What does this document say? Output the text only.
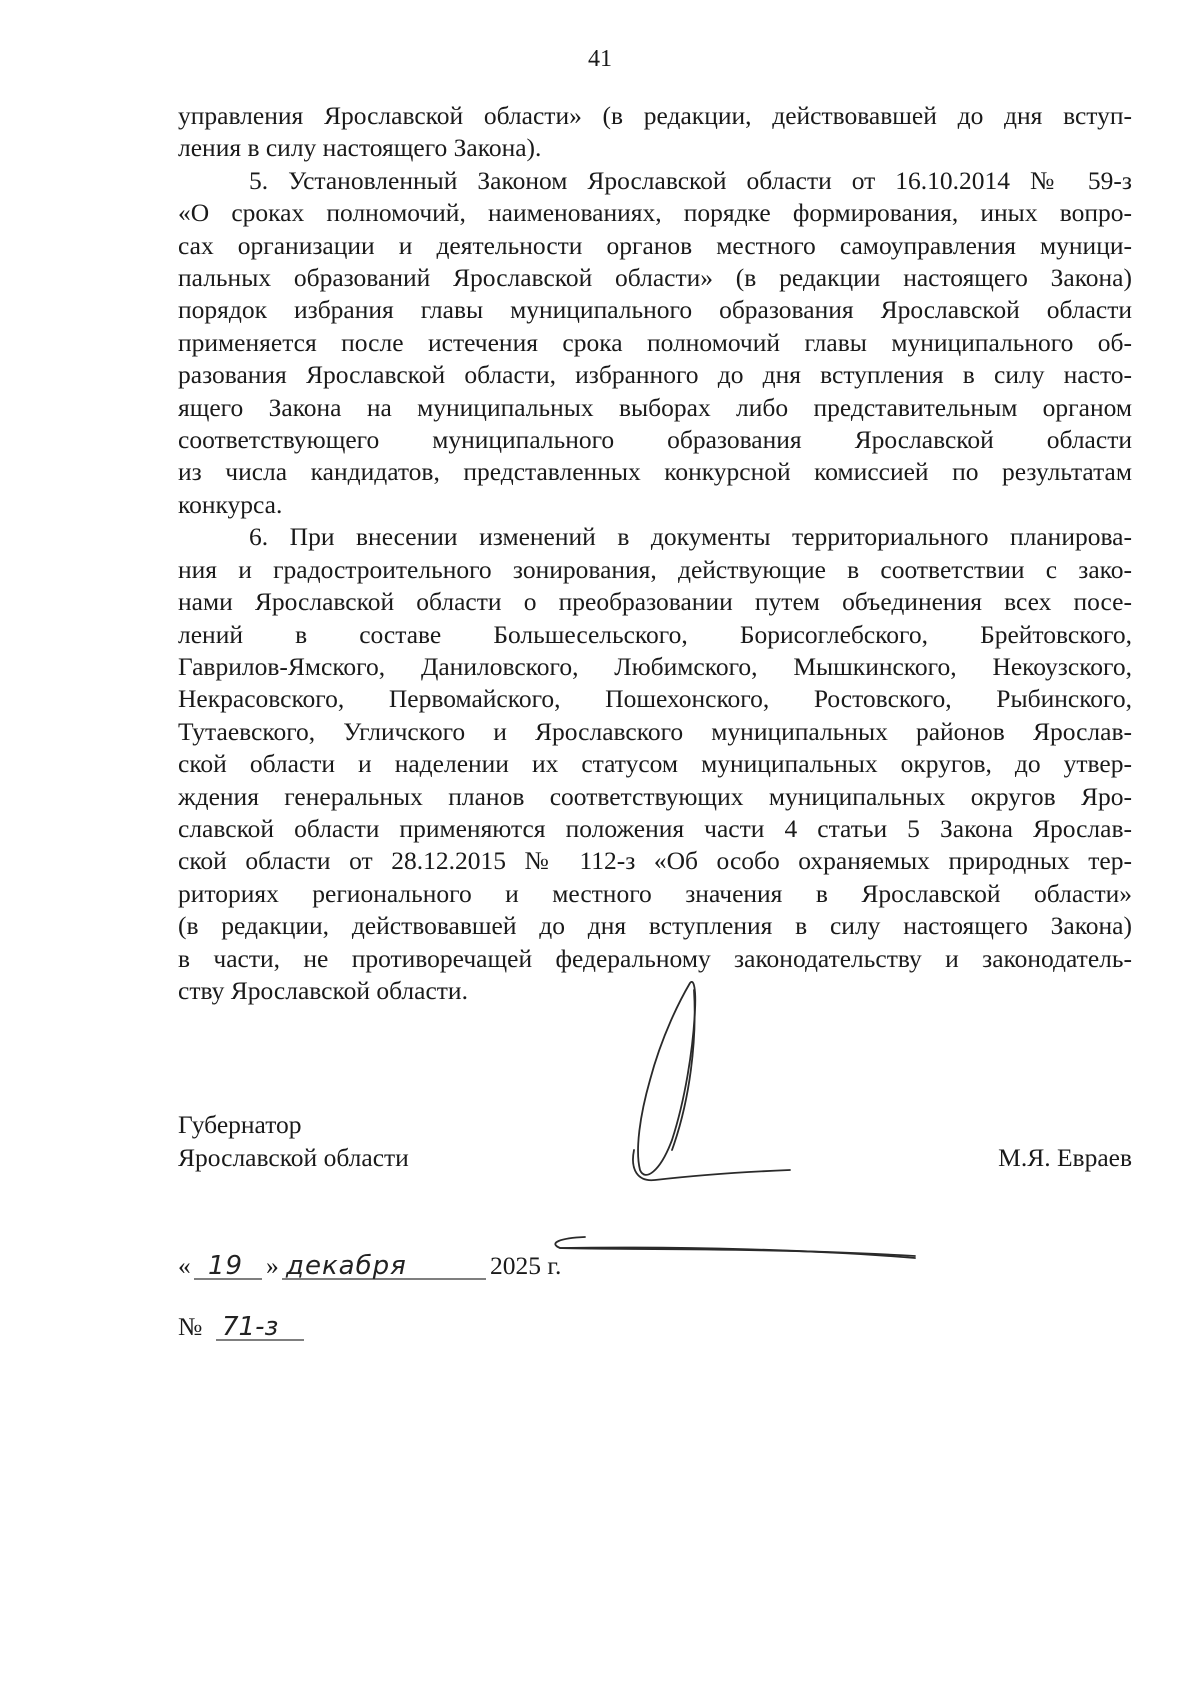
41
управления Ярославской области» (в редакции, действовавшей до дня вступ-
ления в силу настоящего Закона).
5. Установленный Законом Ярославской области от 16.10.2014 № 59-з
«О сроках полномочий, наименованиях, порядке формирования, иных вопро-
сах организации и деятельности органов местного самоуправления муници-
пальных образований Ярославской области» (в редакции настоящего Закона)
порядок избрания главы муниципального образования Ярославской области
применяется после истечения срока полномочий главы муниципального об-
разования Ярославской области, избранного до дня вступления в силу насто-
ящего Закона на муниципальных выборах либо представительным органом
соответствующего муниципального образования Ярославской области
из числа кандидатов, представленных конкурсной комиссией по результатам
конкурса.
6. При внесении изменений в документы территориального планирова-
ния и градостроительного зонирования, действующие в соответствии с зако-
нами Ярославской области о преобразовании путем объединения всех посе-
лений в составе Большесельского, Борисоглебского, Брейтовского,
Гаврилов-Ямского, Даниловского, Любимского, Мышкинского, Некоузского,
Некрасовского, Первомайского, Пошехонского, Ростовского, Рыбинского,
Тутаевского, Угличского и Ярославского муниципальных районов Ярослав-
ской области и наделении их статусом муниципальных округов, до утвер-
ждения генеральных планов соответствующих муниципальных округов Яро-
славской области применяются положения части 4 статьи 5 Закона Ярослав-
ской области от 28.12.2015 № 112-з «Об особо охраняемых природных тер-
риториях регионального и местного значения в Ярославской области»
(в редакции, действовавшей до дня вступления в силу настоящего Закона)
в части, не противоречащей федеральному законодательству и законодатель-
ству Ярославской области.
Губернатор
Ярославской области	М.Я. Евраев
« 19 » декабря	2025 г.
№ 71-з
